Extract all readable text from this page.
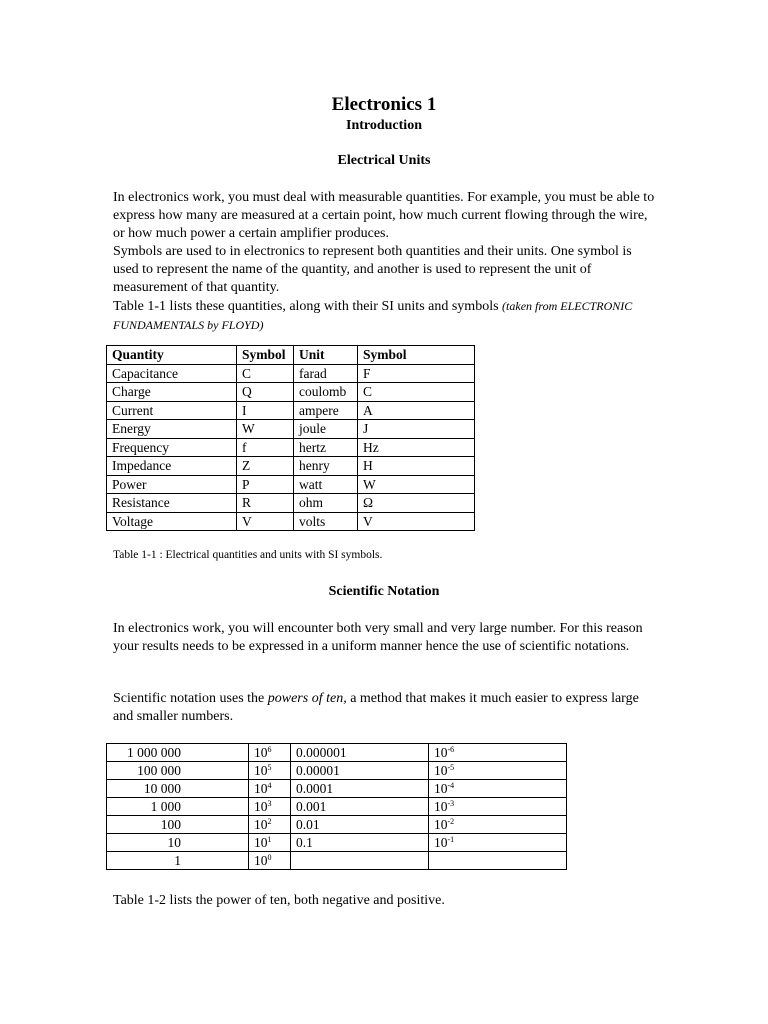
Electronics 1
Introduction
Electrical Units
In electronics work, you must deal with measurable quantities. For example, you must be able to express how many are measured at a certain point, how much current flowing through the wire, or how much power a certain amplifier produces.
Symbols are used to in electronics to represent both quantities and their units. One symbol is used to represent the name of the quantity, and another is used to represent the unit of measurement of that quantity.
Table 1-1 lists these quantities, along with their SI units and symbols (taken from ELECTRONIC FUNDAMENTALS by FLOYD)
Quantity	Symbol	Unit	Symbol
Capacitance	C	farad	F
Charge	Q	coulomb	C
Current	I	ampere	A
Energy	W	joule	J
Frequency	f	hertz	Hz
Impedance	Z	henry	H
Power	P	watt	W
Resistance	R	ohm	Ω
Voltage	V	volts	V
Table 1-1 : Electrical quantities and units with SI symbols.
Scientific Notation
In electronics work, you will encounter both very small and very large number. For this reason your results needs to be expressed in a uniform manner hence the use of scientific notations.
Scientific notation uses the powers of ten, a method that makes it much easier to express large and smaller numbers.
1 000 000	$10^6$	0.000001	$10^{-6}$
100 000	$10^5$	0.00001	$10^{-5}$
10 000	$10^4$	0.0001	$10^{-4}$
1 000	$10^3$	0.001	$10^{-3}$
100	$10^2$	0.01	$10^{-2}$
10	$10^1$	0.1	$10^{-1}$
1	$10^0$		
Table 1-2 lists the power of ten, both negative and positive.
